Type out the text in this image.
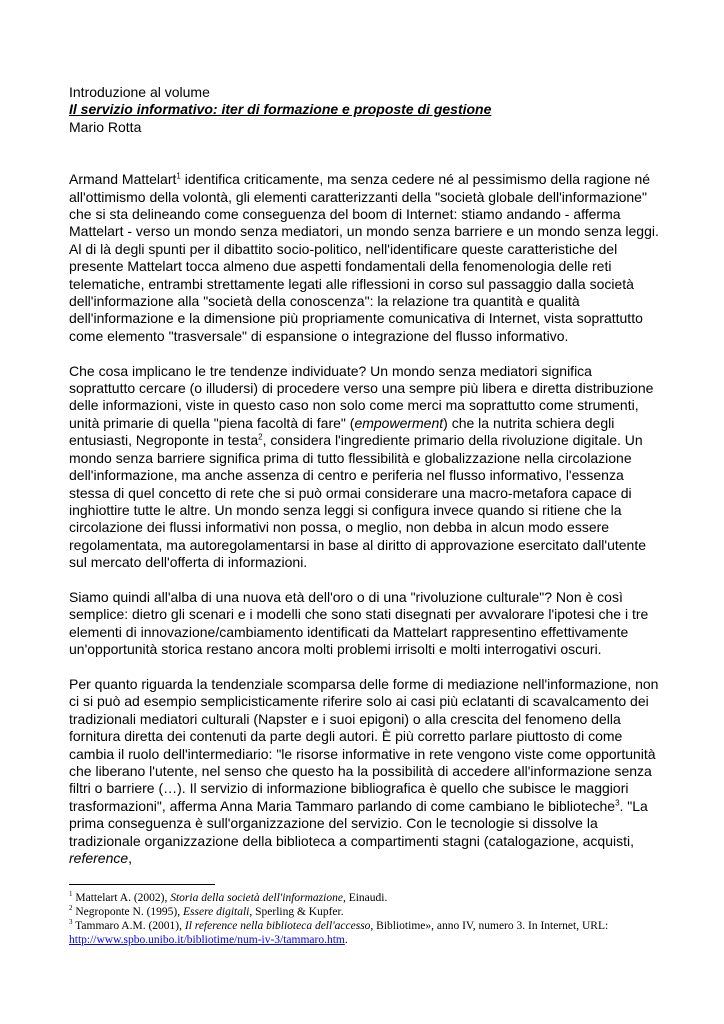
Introduzione al volume
Il servizio informativo: iter di formazione e proposte di gestione
Mario Rotta

Armand Mattelart$^1$ identifica criticamente, ma senza cedere né al pessimismo della ragione né all'ottimismo della volontà, gli elementi caratterizzanti della "società globale dell'informazione" che si sta delineando come conseguenza del boom di Internet: stiamo andando - afferma Mattelart - verso un mondo senza mediatori, un mondo senza barriere e un mondo senza leggi. Al di là degli spunti per il dibattito socio-politico, nell'identificare queste caratteristiche del presente Mattelart tocca almeno due aspetti fondamentali della fenomenologia delle reti telematiche, entrambi strettamente legati alle riflessioni in corso sul passaggio dalla società dell'informazione alla "società della conoscenza": la relazione tra quantità e qualità dell'informazione e la dimensione più propriamente comunicativa di Internet, vista soprattutto come elemento "trasversale" di espansione o integrazione del flusso informativo.

Che cosa implicano le tre tendenze individuate? Un mondo senza mediatori significa soprattutto cercare (o illudersi) di procedere verso una sempre più libera e diretta distribuzione delle informazioni, viste in questo caso non solo come merci ma soprattutto come strumenti, unità primarie di quella "piena facoltà di fare" (empowerment) che la nutrita schiera degli entusiasti, Negroponte in testa$^2$, considera l'ingrediente primario della rivoluzione digitale. Un mondo senza barriere significa prima di tutto flessibilità e globalizzazione nella circolazione dell'informazione, ma anche assenza di centro e periferia nel flusso informativo, l'essenza stessa di quel concetto di rete che si può ormai considerare una macro-metafora capace di inghiottire tutte le altre. Un mondo senza leggi si configura invece quando si ritiene che la circolazione dei flussi informativi non possa, o meglio, non debba in alcun modo essere regolamentata, ma autoregolamentarsi in base al diritto di approvazione esercitato dall'utente sul mercato dell'offerta di informazioni.

Siamo quindi all'alba di una nuova età dell'oro o di una "rivoluzione culturale"? Non è così semplice: dietro gli scenari e i modelli che sono stati disegnati per avvalorare l'ipotesi che i tre elementi di innovazione/cambiamento identificati da Mattelart rappresentino effettivamente un'opportunità storica restano ancora molti problemi irrisolti e molti interrogativi oscuri.

Per quanto riguarda la tendenziale scomparsa delle forme di mediazione nell'informazione, non ci si può ad esempio semplicisticamente riferire solo ai casi più eclatanti di scavalcamento dei tradizionali mediatori culturali (Napster e i suoi epigoni) o alla crescita del fenomeno della fornitura diretta dei contenuti da parte degli autori. È più corretto parlare piuttosto di come cambia il ruolo dell'intermediario: "le risorse informative in rete vengono viste come opportunità che liberano l'utente, nel senso che questo ha la possibilità di accedere all'informazione senza filtri o barriere (…). Il servizio di informazione bibliografica è quello che subisce le maggiori trasformazioni", afferma Anna Maria Tammaro parlando di come cambiano le biblioteche$^3$. "La prima conseguenza è sull'organizzazione del servizio. Con le tecnologie si dissolve la tradizionale organizzazione della biblioteca a compartimenti stagni (catalogazione, acquisti, reference,

$^1$ Mattelart A. (2002), Storia della società dell'informazione, Einaudi.

$^2$ Negroponte N. (1995), Essere digitali, Sperling & Kupfer.

$^3$ Tammaro A.M. (2001), Il reference nella biblioteca dell'accesso, Bibliotime», anno IV, numero 3. In Internet, URL: http://www.spbo.unibo.it/bibliotime/num-iv-3/tammaro.htm.
